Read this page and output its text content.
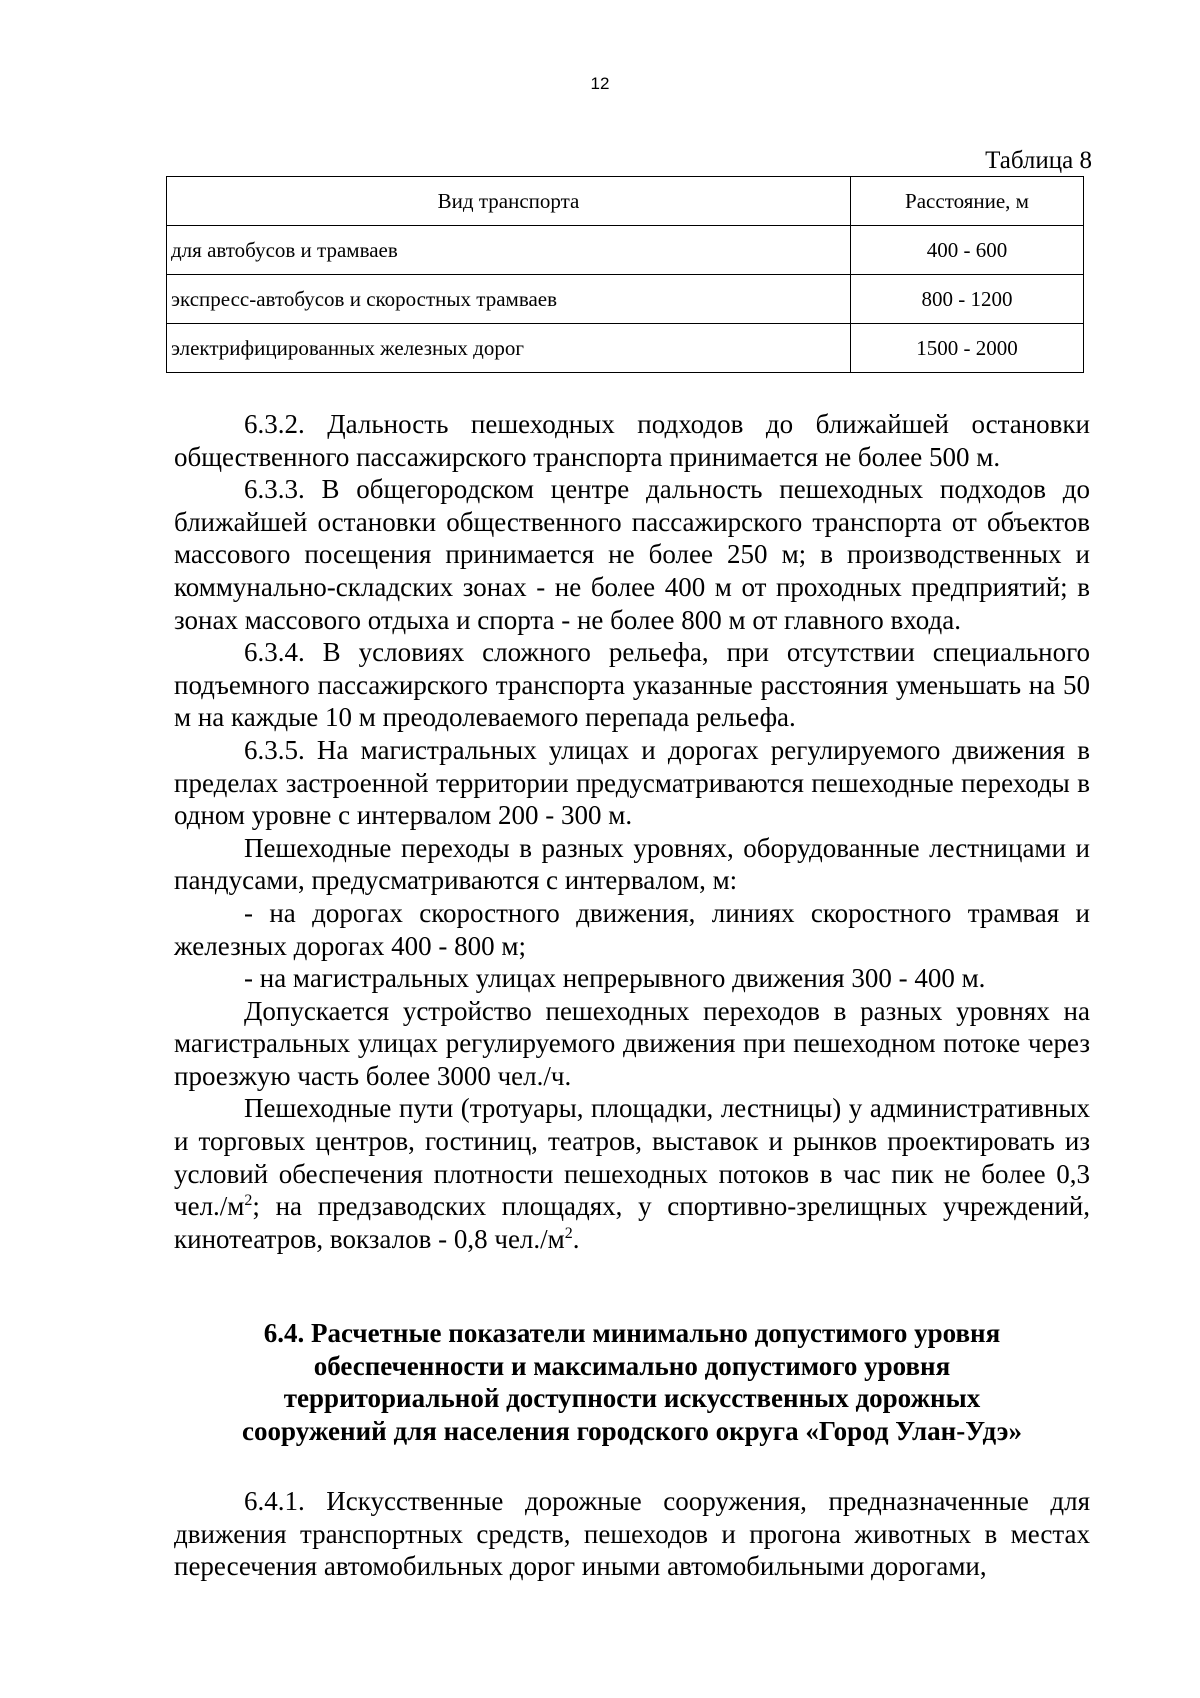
12
Таблица 8
Вид транспорта	Расстояние, м
для автобусов и трамваев	400 - 600
экспресс-автобусов и скоростных трамваев	800 - 1200
электрифицированных железных дорог	1500 - 2000

6.3.2. Дальность пешеходных подходов до ближайшей остановки общественного пассажирского транспорта принимается не более 500 м.

6.3.3. В общегородском центре дальность пешеходных подходов до ближайшей остановки общественного пассажирского транспорта от объектов массового посещения принимается не более 250 м; в производственных и коммунально-складских зонах - не более 400 м от проходных предприятий; в зонах массового отдыха и спорта - не более 800 м от главного входа.

6.3.4. В условиях сложного рельефа, при отсутствии специального подъемного пассажирского транспорта указанные расстояния уменьшать на 50 м на каждые 10 м преодолеваемого перепада рельефа.

6.3.5. На магистральных улицах и дорогах регулируемого движения в пределах застроенной территории предусматриваются пешеходные переходы в одном уровне с интервалом 200 - 300 м.

Пешеходные переходы в разных уровнях, оборудованные лестницами и пандусами, предусматриваются с интервалом, м:

- на дорогах скоростного движения, линиях скоростного трамвая и железных дорогах 400 - 800 м;

- на магистральных улицах непрерывного движения 300 - 400 м.

Допускается устройство пешеходных переходов в разных уровнях на магистральных улицах регулируемого движения при пешеходном потоке через проезжую часть более 3000 чел./ч.

Пешеходные пути (тротуары, площадки, лестницы) у административных и торговых центров, гостиниц, театров, выставок и рынков проектировать из условий обеспечения плотности пешеходных потоков в час пик не более 0,3 $чел./м^2$; на предзаводских площадях, у спортивно-зрелищных учреждений, кинотеатров, вокзалов - 0,8 $чел./м^2$.

6.4. Расчетные показатели минимально допустимого уровня
обеспеченности и максимально допустимого уровня
территориальной доступности искусственных дорожных
сооружений для населения городского округа «Город Улан-Удэ»

6.4.1. Искусственные дорожные сооружения, предназначенные для движения транспортных средств, пешеходов и прогона животных в местах пересечения автомобильных дорог иными автомобильными дорогами,
